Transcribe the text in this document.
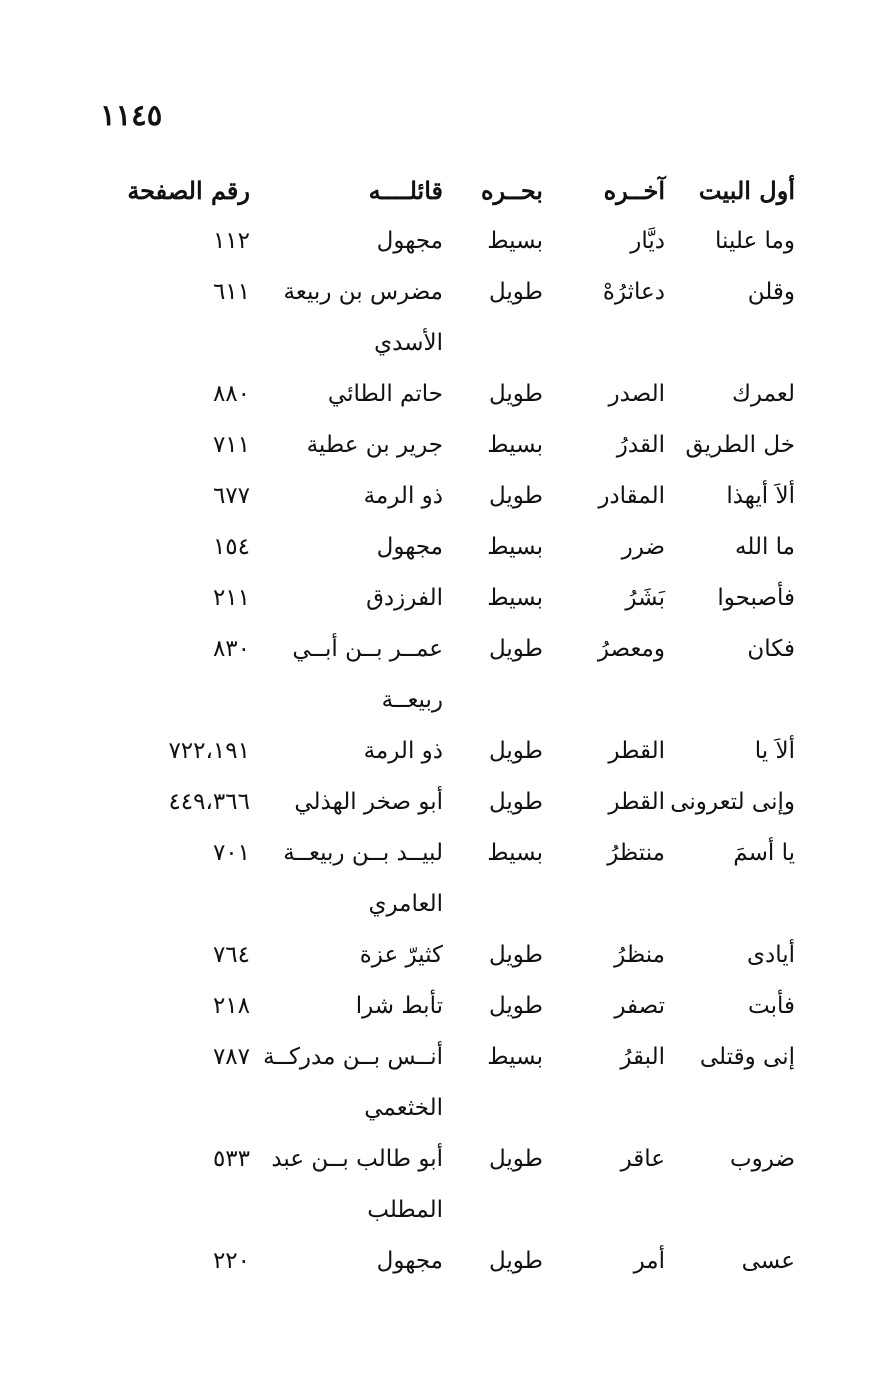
١١٤٥
أول البيت
آخــره
بحــره
قائلــــه
رقم الصفحة
وما علينا
ديَّار
بسيط
مجهول
١١٢
وقلن
دعاثرُهْ
طويل
مضرس بن ربيعة
٦١١
الأسدي
لعمرك
الصدر
طويل
حاتم الطائي
٨٨٠
خل الطريق
القدرُ
بسيط
جرير بن عطية
٧١١
ألاَ أيهذا
المقادر
طويل
ذو الرمة
٦٧٧
ما الله
ضرر
بسيط
مجهول
١٥٤
فأصبحوا
بَشَرُ
بسيط
الفرزدق
٢١١
فكان
ومعصرُ
طويل
عمــر بــن أبــي
٨٣٠
ربيعــة
ألاَ يا
القطر
طويل
ذو الرمة
٧٢٢،١٩١
وإنى لتعرونى
القطر
طويل
أبو صخر الهذلي
٤٤٩،٣٦٦
يا أسمَ
منتظرُ
بسيط
لبيــد بــن ربيعــة
٧٠١
العامري
أيادى
منظرُ
طويل
كثيرّ عزة
٧٦٤
فأبت
تصفر
طويل
تأبط شرا
٢١٨
إنى وقتلى
البقرُ
بسيط
أنــس بــن مدركــة
٧٨٧
الخثعمي
ضروب
عاقر
طويل
أبو طالب بــن عبد
٥٣٣
المطلب
عسى
أمر
طويل
مجهول
٢٢٠
